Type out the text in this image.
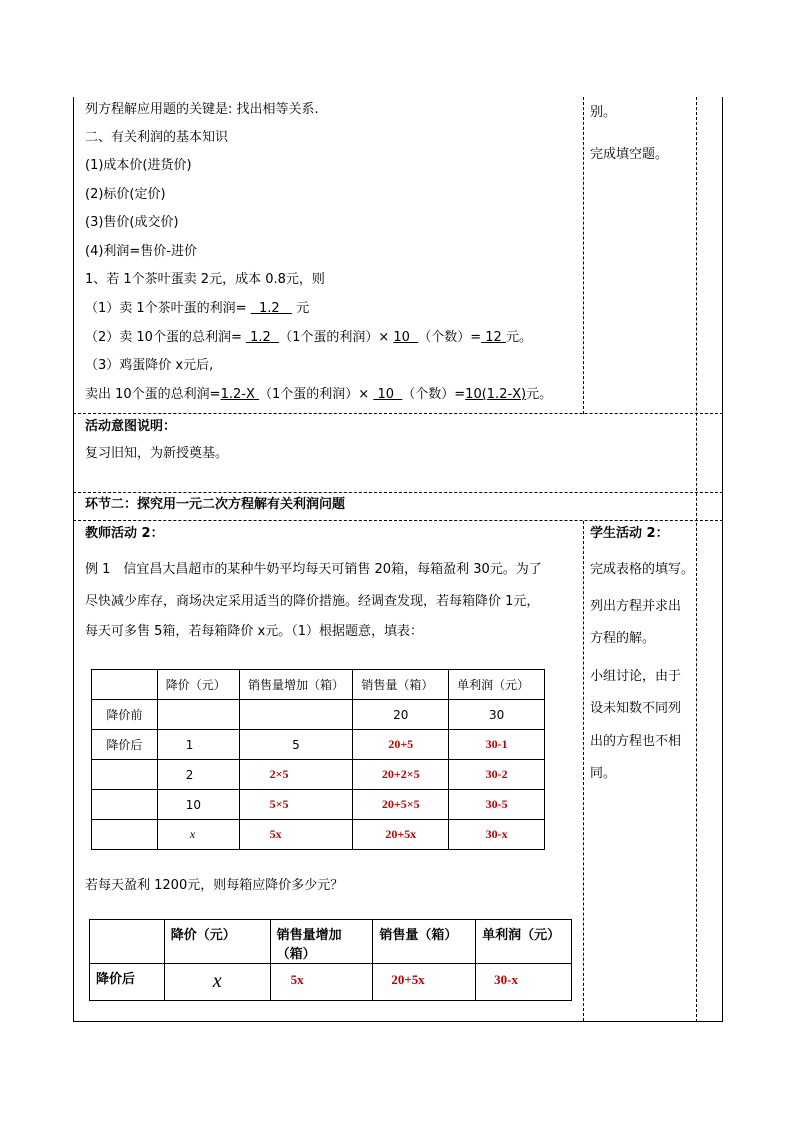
列方程解应用题的关键是: 找出相等关系.
二、有关利润的基本知识
(1)成本价(进货价)
(2)标价(定价)
(3)售价(成交价)
(4)利润=售价-进价
1、若 1个茶叶蛋卖 2元，成本 0.8元，则
（1）卖 1个茶叶蛋的利润= 1.2 元
（2）卖 10个蛋的总利润= 1.2 （1个蛋的利润）× 10 （个数）= 12 元。
（3）鸡蛋降价 x元后,
卖出 10个蛋的总利润=1.2-X （1个蛋的利润）× 10 （个数）=10(1.2-X)元。
别。
完成填空题。
活动意图说明：
复习旧知，为新授奠基。
环节二：探究用一元二次方程解有关利润问题
教师活动 2：
例 1　信宜昌大昌超市的某种牛奶平均每天可销售 20箱，每箱盈利 30元。为了
尽快减少库存，商场决定采用适当的降价措施。经调查发现，若每箱降价 1元，
每天可多售 5箱，若每箱降价 x元。（1）根据题意，填表：
学生活动 2：
完成表格的填写。
列出方程并求出
方程的解。
小组讨论，由于
设未知数不同列
出的方程也不相
同。
	降价（元）	销售量增加（箱）	销售量（箱）	单利润（元）
降价前			20	30
降价后	1	5	20+5	30-1
	2	2×5	20+2×5	30-2
	10	5×5	20+5×5	30-5
	x	5x	20+5x	30-x
若每天盈利 1200元，则每箱应降价多少元？
	降价（元）	销售量增加（箱）	销售量（箱）	单利润（元）
降价后	x	5x	20+5x	30-x
